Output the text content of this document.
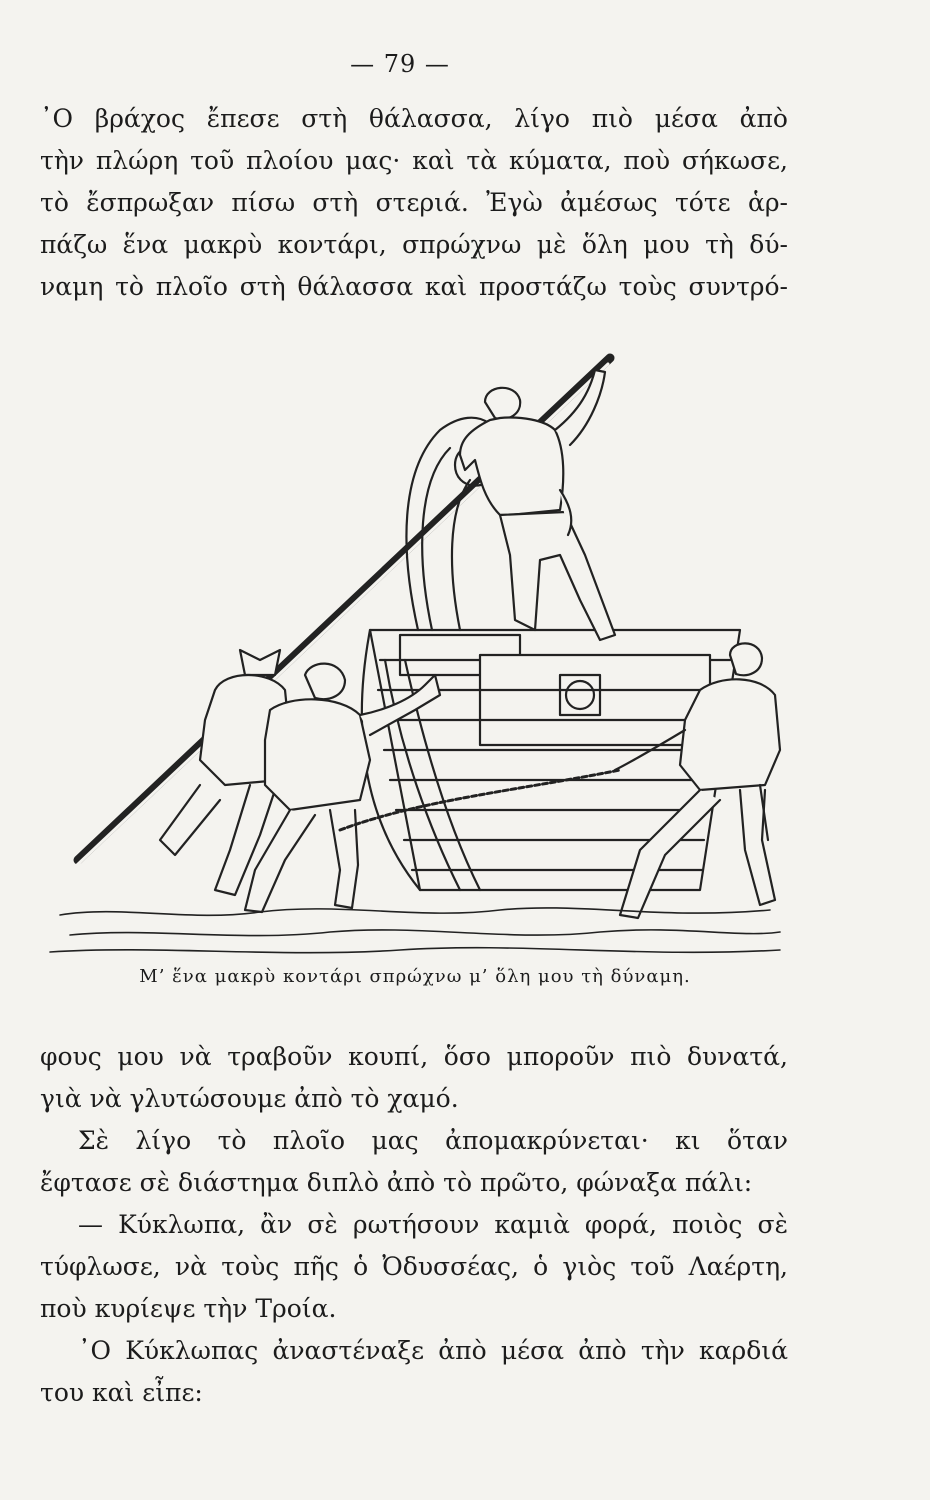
— 79 —
᾿Ο βράχος ἔπεσε στὴ θάλασσα, λίγο πιὸ μέσα ἀπὸ
τὴν πλώρη τοῦ πλοίου μας· καὶ τὰ κύματα, ποὺ σήκωσε,
τὸ ἔσπρωξαν πίσω στὴ στεριά. Ἐγὼ ἀμέσως τότε ἁρ-
πάζω ἕνα μακρὺ κοντάρι, σπρώχνω μὲ ὅλη μου τὴ δύ-
ναμη τὸ πλοῖο στὴ θάλασσα καὶ προστάζω τοὺς συντρό-
Μ’ ἕνα μακρὺ κοντάρι σπρώχνω μ’ ὅλη μου τὴ δύναμη.
φους μου νὰ τραβοῦν κουπί, ὅσο μποροῦν πιὸ δυνατά,
γιὰ νὰ γλυτώσουμε ἀπὸ τὸ χαμό.
Σὲ λίγο τὸ πλοῖο μας ἀπομακρύνεται· κι ὅταν
ἔφτασε σὲ διάστημα διπλὸ ἀπὸ τὸ πρῶτο, φώναξα πάλι:
— Κύκλωπα, ἂν σὲ ρωτήσουν καμιὰ φορά, ποιὸς σὲ
τύφλωσε, νὰ τοὺς πῆς ὁ Ὀδυσσέας, ὁ γιὸς τοῦ Λαέρτη,
ποὺ κυρίεψε τὴν Τροία.
᾿Ο Κύκλωπας ἀναστέναξε ἀπὸ μέσα ἀπὸ τὴν καρδιά
του καὶ εἶπε:
